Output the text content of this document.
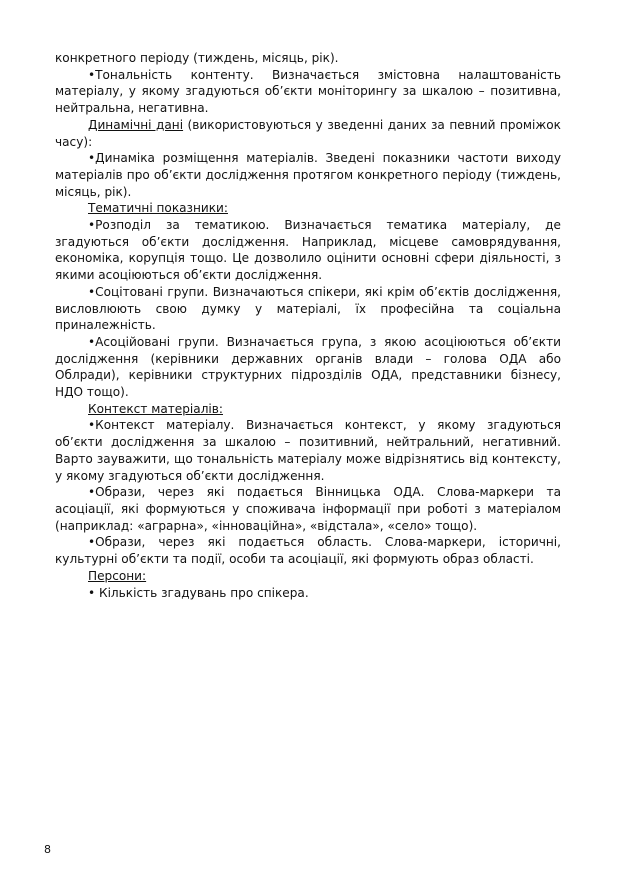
конкретного періоду (тиждень, місяць, рік).

•Тональність контенту. Визначається змістовна налаштованість матеріалу, у якому згадуються об’єкти моніторингу за шкалою – позитивна, нейтральна, негативна.

Динамічні дані (використовуються у зведенні даних за певний проміжок часу):

•Динаміка розміщення матеріалів. Зведені показники частоти виходу матеріалів про об’єкти дослідження протягом конкретного періоду (тиждень, місяць, рік).

Тематичні показники:

•Розподіл за тематикою. Визначається тематика матеріалу, де згадуються об’єкти дослідження. Наприклад, місцеве самоврядування, економіка, корупція тощо. Це дозволило оцінити основні сфери діяльності, з якими асоціюються об’єкти дослідження.

•Соцітовані групи. Визначаються спікери, які крім об’єктів дослідження, висловлюють свою думку у матеріалі, їх професійна та соціальна приналежність.

•Асоційовані групи. Визначається група, з якою асоціюються об’єкти дослідження (керівники державних органів влади – голова ОДА або Облради), керівники структурних підрозділів ОДА, представники бізнесу, НДО тощо).

Контекст матеріалів:

•Контекст матеріалу. Визначається контекст, у якому згадуються об’єкти дослідження за шкалою – позитивний, нейтральний, негативний. Варто зауважити, що тональність матеріалу може відрізнятись від контексту, у якому згадуються об’єкти дослідження.

•Образи, через які подається Вінницька ОДА. Слова-маркери та асоціації, які формуються у споживача інформації при роботі з матеріалом (наприклад: «аграрна», «інноваційна», «відстала», «село» тощо).

•Образи, через які подається область. Слова-маркери, історичні, культурні об’єкти та події, особи та асоціації, які формують образ області.

Персони:

• Кількість згадувань про спікера.

8
